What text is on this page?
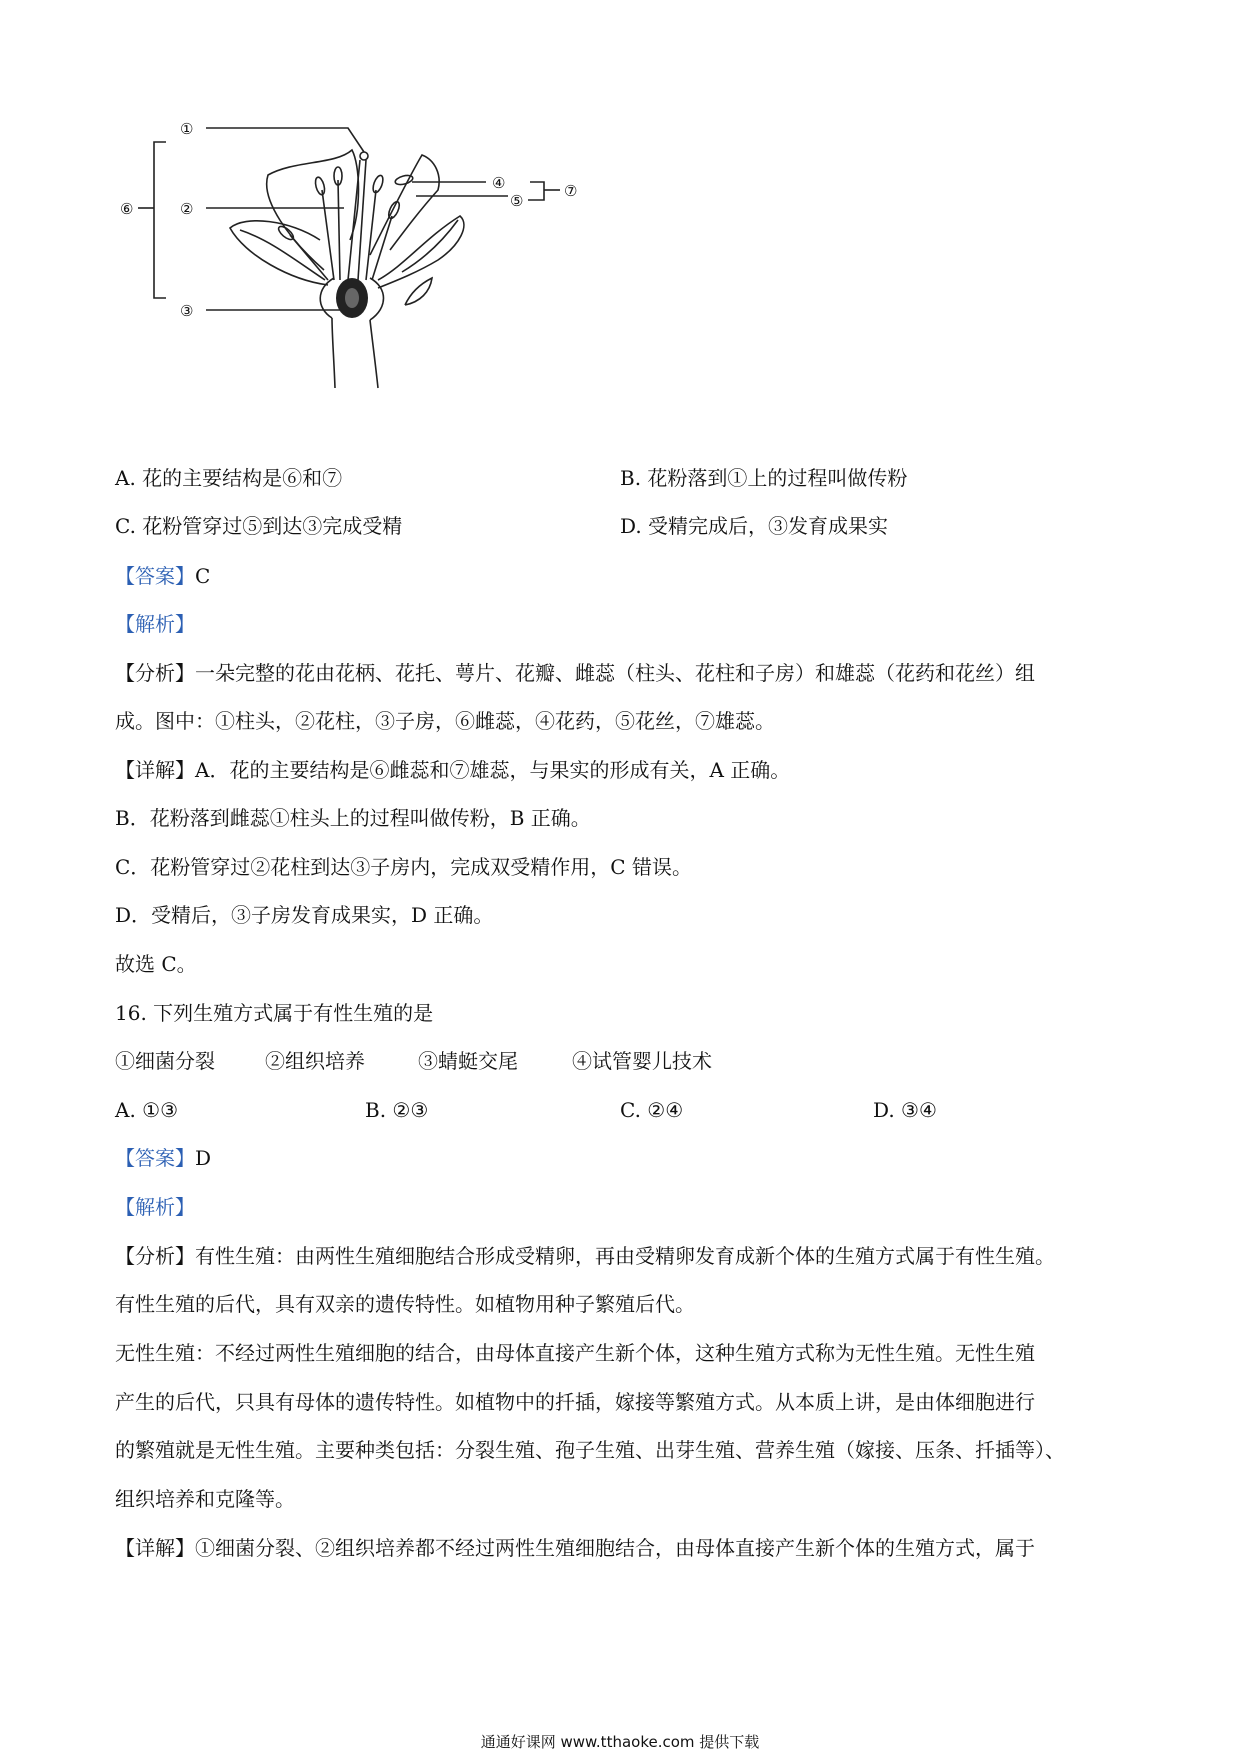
①
②
③
④
⑤
⑥
⑦
A. 花的主要结构是⑥和⑦	B. 花粉落到①上的过程叫做传粉
C. 花粉管穿过⑤到达③完成受精	D. 受精完成后，③发育成果实
【答案】C
【解析】
【分析】一朵完整的花由花柄、花托、萼片、花瓣、雌蕊（柱头、花柱和子房）和雄蕊（花药和花丝）组
成。图中：①柱头，②花柱，③子房，⑥雌蕊，④花药，⑤花丝，⑦雄蕊。
【详解】A．花的主要结构是⑥雌蕊和⑦雄蕊，与果实的形成有关，A 正确。
B．花粉落到雌蕊①柱头上的过程叫做传粉，B 正确。
C．花粉管穿过②花柱到达③子房内，完成双受精作用，C 错误。
D．受精后，③子房发育成果实，D 正确。
故选 C。
16. 下列生殖方式属于有性生殖的是
①细菌分裂	②组织培养	③蜻蜓交尾	④试管婴儿技术
A. ①③	B. ②③	C. ②④	D. ③④
【答案】D
【解析】
【分析】有性生殖：由两性生殖细胞结合形成受精卵，再由受精卵发育成新个体的生殖方式属于有性生殖。
有性生殖的后代，具有双亲的遗传特性。如植物用种子繁殖后代。
无性生殖：不经过两性生殖细胞的结合，由母体直接产生新个体，这种生殖方式称为无性生殖。无性生殖
产生的后代，只具有母体的遗传特性。如植物中的扦插，嫁接等繁殖方式。从本质上讲，是由体细胞进行
的繁殖就是无性生殖。主要种类包括：分裂生殖、孢子生殖、出芽生殖、营养生殖（嫁接、压条、扦插等）、
组织培养和克隆等。
【详解】①细菌分裂、②组织培养都不经过两性生殖细胞结合，由母体直接产生新个体的生殖方式，属于
通通好课网 www.tthaoke.com 提供下载
